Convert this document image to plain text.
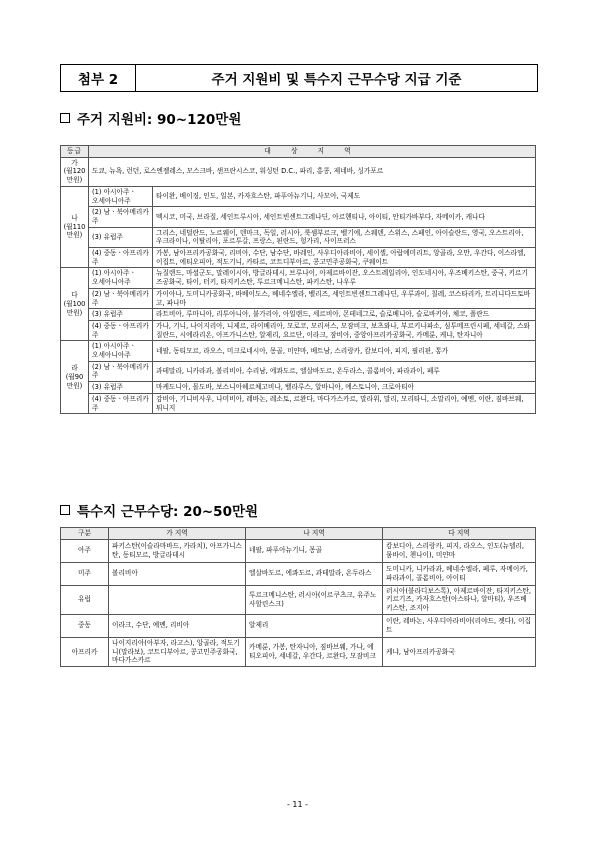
첨부 2	주거 지원비 및 특수지 근무수당 지급 기준
주거 지원비: 90~120만원
등급	대 상 지 역	
가
(월120
만원)	도쿄, 뉴욕, 런던, 로스엔젤레스, 모스크바, 샌프란시스코, 워싱턴 D.C., 파리, 홍콩, 제네바, 싱가포르	
나
(월110
만원)	(1) 아시아주ㆍ
오세아니아주	타이완, 베이징, 인도, 일본, 카자흐스탄, 파푸아뉴기니, 사모아, 국제도
	(2) 남ㆍ북아메리카주	멕시코, 미국, 브라질, 세인트루시아, 세인트빈센트그레나딘, 아르헨티나, 아이티, 안티가바부다, 자메이카, 캐나다
	(3) 유럽주	그리스, 네덜란드, 노르웨이, 덴마크, 독일, 러시아, 룩셈부르크, 벨기에, 스웨덴, 스위스, 스페인, 아이슬란드, 영국, 오스트리아, 우크라이나, 이탈리아, 포르투갈, 프랑스, 핀란드, 헝가리, 사이프러스
	(4) 중동ㆍ아프리카주	가봉, 남아프리카공화국, 리비아, 수단, 남수단, 바레인, 사우디아라비아, 세이셸, 아랍에미리트, 앙골라, 오만, 우간다, 이스라엘, 이집트, 에티오피아, 적도기니, 카타르, 코트디부아르, 콩고민주공화국, 쿠웨이트
다
(월100
만원)	(1) 아시아주ㆍ
오세아니아주	뉴질랜드, 마셜군도, 말레이시아, 방글라데시, 브루나이, 아제르바이잔, 오스트레일리아, 인도네시아, 우즈베키스탄, 중국, 키르기즈공화국, 타이, 터키, 타지키스탄, 투르크메니스탄, 파키스탄, 나우루
	(2) 남ㆍ북아메리카주	가이아나, 도미니카공화국, 바베이도스, 베네수엘라, 벨리즈, 세인트빈센트그레나딘, 우루과이, 칠레, 코스타리카, 트리니다드토바고, 파나마
	(3) 유럽주	라트비아, 루마니아, 리투아니아, 불가리아, 아일랜드, 세르비아, 몬테네그로, 슬로베니아, 슬로바키아, 체코, 폴란드
	(4) 중동ㆍ아프리카주	가나, 기니, 나이지리아, 니제르, 라이베리아, 모로코, 모리셔스, 모잠비크, 보츠와나, 부르키나파소, 심투메프린시페, 세네갈, 스와질란드, 시에라리온, 아프가니스탄, 알제리, 요르단, 이라크, 잠비아, 중앙아프리카공화국, 카메룬, 케냐, 탄자니아
라
(월90
만원)	(1) 아시아주ㆍ
오세아니아주	네팔, 동티모르, 라오스, 미크로네시아, 몽골, 미얀마, 베트남, 스리랑카, 캄보디아, 피지, 필리핀, 통가
	(2) 남ㆍ북아메리카주	과테말라, 니카라과, 볼리비아, 수리남, 에콰도르, 엘살바도르, 온두라스, 콜롬비아, 파라과이, 페루
	(3) 유럽주	마케도니아, 몰도바, 보스니아헤르체고비나, 벨라루스, 알바니아, 에스토니아, 크로아티아
	(4) 중동ㆍ아프리카주	감비아, 기니비사우, 나미비아, 레바논, 레소토, 르완다, 마다가스카르, 말라위, 말리, 모리타니, 소말리아, 예멘, 이란, 짐바브웨, 튀니지
특수지 근무수당: 20~50만원
구분	가 지역	나 지역	다 지역
아주	파키스탄(이슬라마바드, 카라치), 아프가니스탄, 동티모르, 방글라데시	네팔, 파푸아뉴기니, 몽골	캄보디아, 스리랑카, 피지, 라오스, 인도(뉴델리, 뭄바이, 첸나이), 미얀마
미주	볼리비아	엘살바도르, 에콰도르, 과테말라, 온두라스	도미니카, 니카라과, 베네수엘라, 페루, 자메이카, 파라과이, 콜롬비아, 아이티
유럽		투르크메니스탄, 러시아(이르쿠츠크, 유주노사할린스크)	러시아(블라디보스톡), 아제르바이잔, 타지키스탄, 키르기즈, 카자흐스탄(아스타나, 알마티), 우즈베키스탄, 조지아
중동	이라크, 수단, 예멘, 리비아	알제리	이란, 레바논, 사우디아라비아(리야드, 젯다), 이집트
아프리카	나이지리아(아부자, 라고스), 앙골라, 적도기니(말라보), 코트디부아르, 콩고민주공화국, 마다가스카르	카메룬, 가봉, 탄자니아, 짐바브웨, 가나, 에티오피아, 세네갈, 우간다, 르완다, 모잠비크	케냐, 남아프리카공화국
- 11 -
